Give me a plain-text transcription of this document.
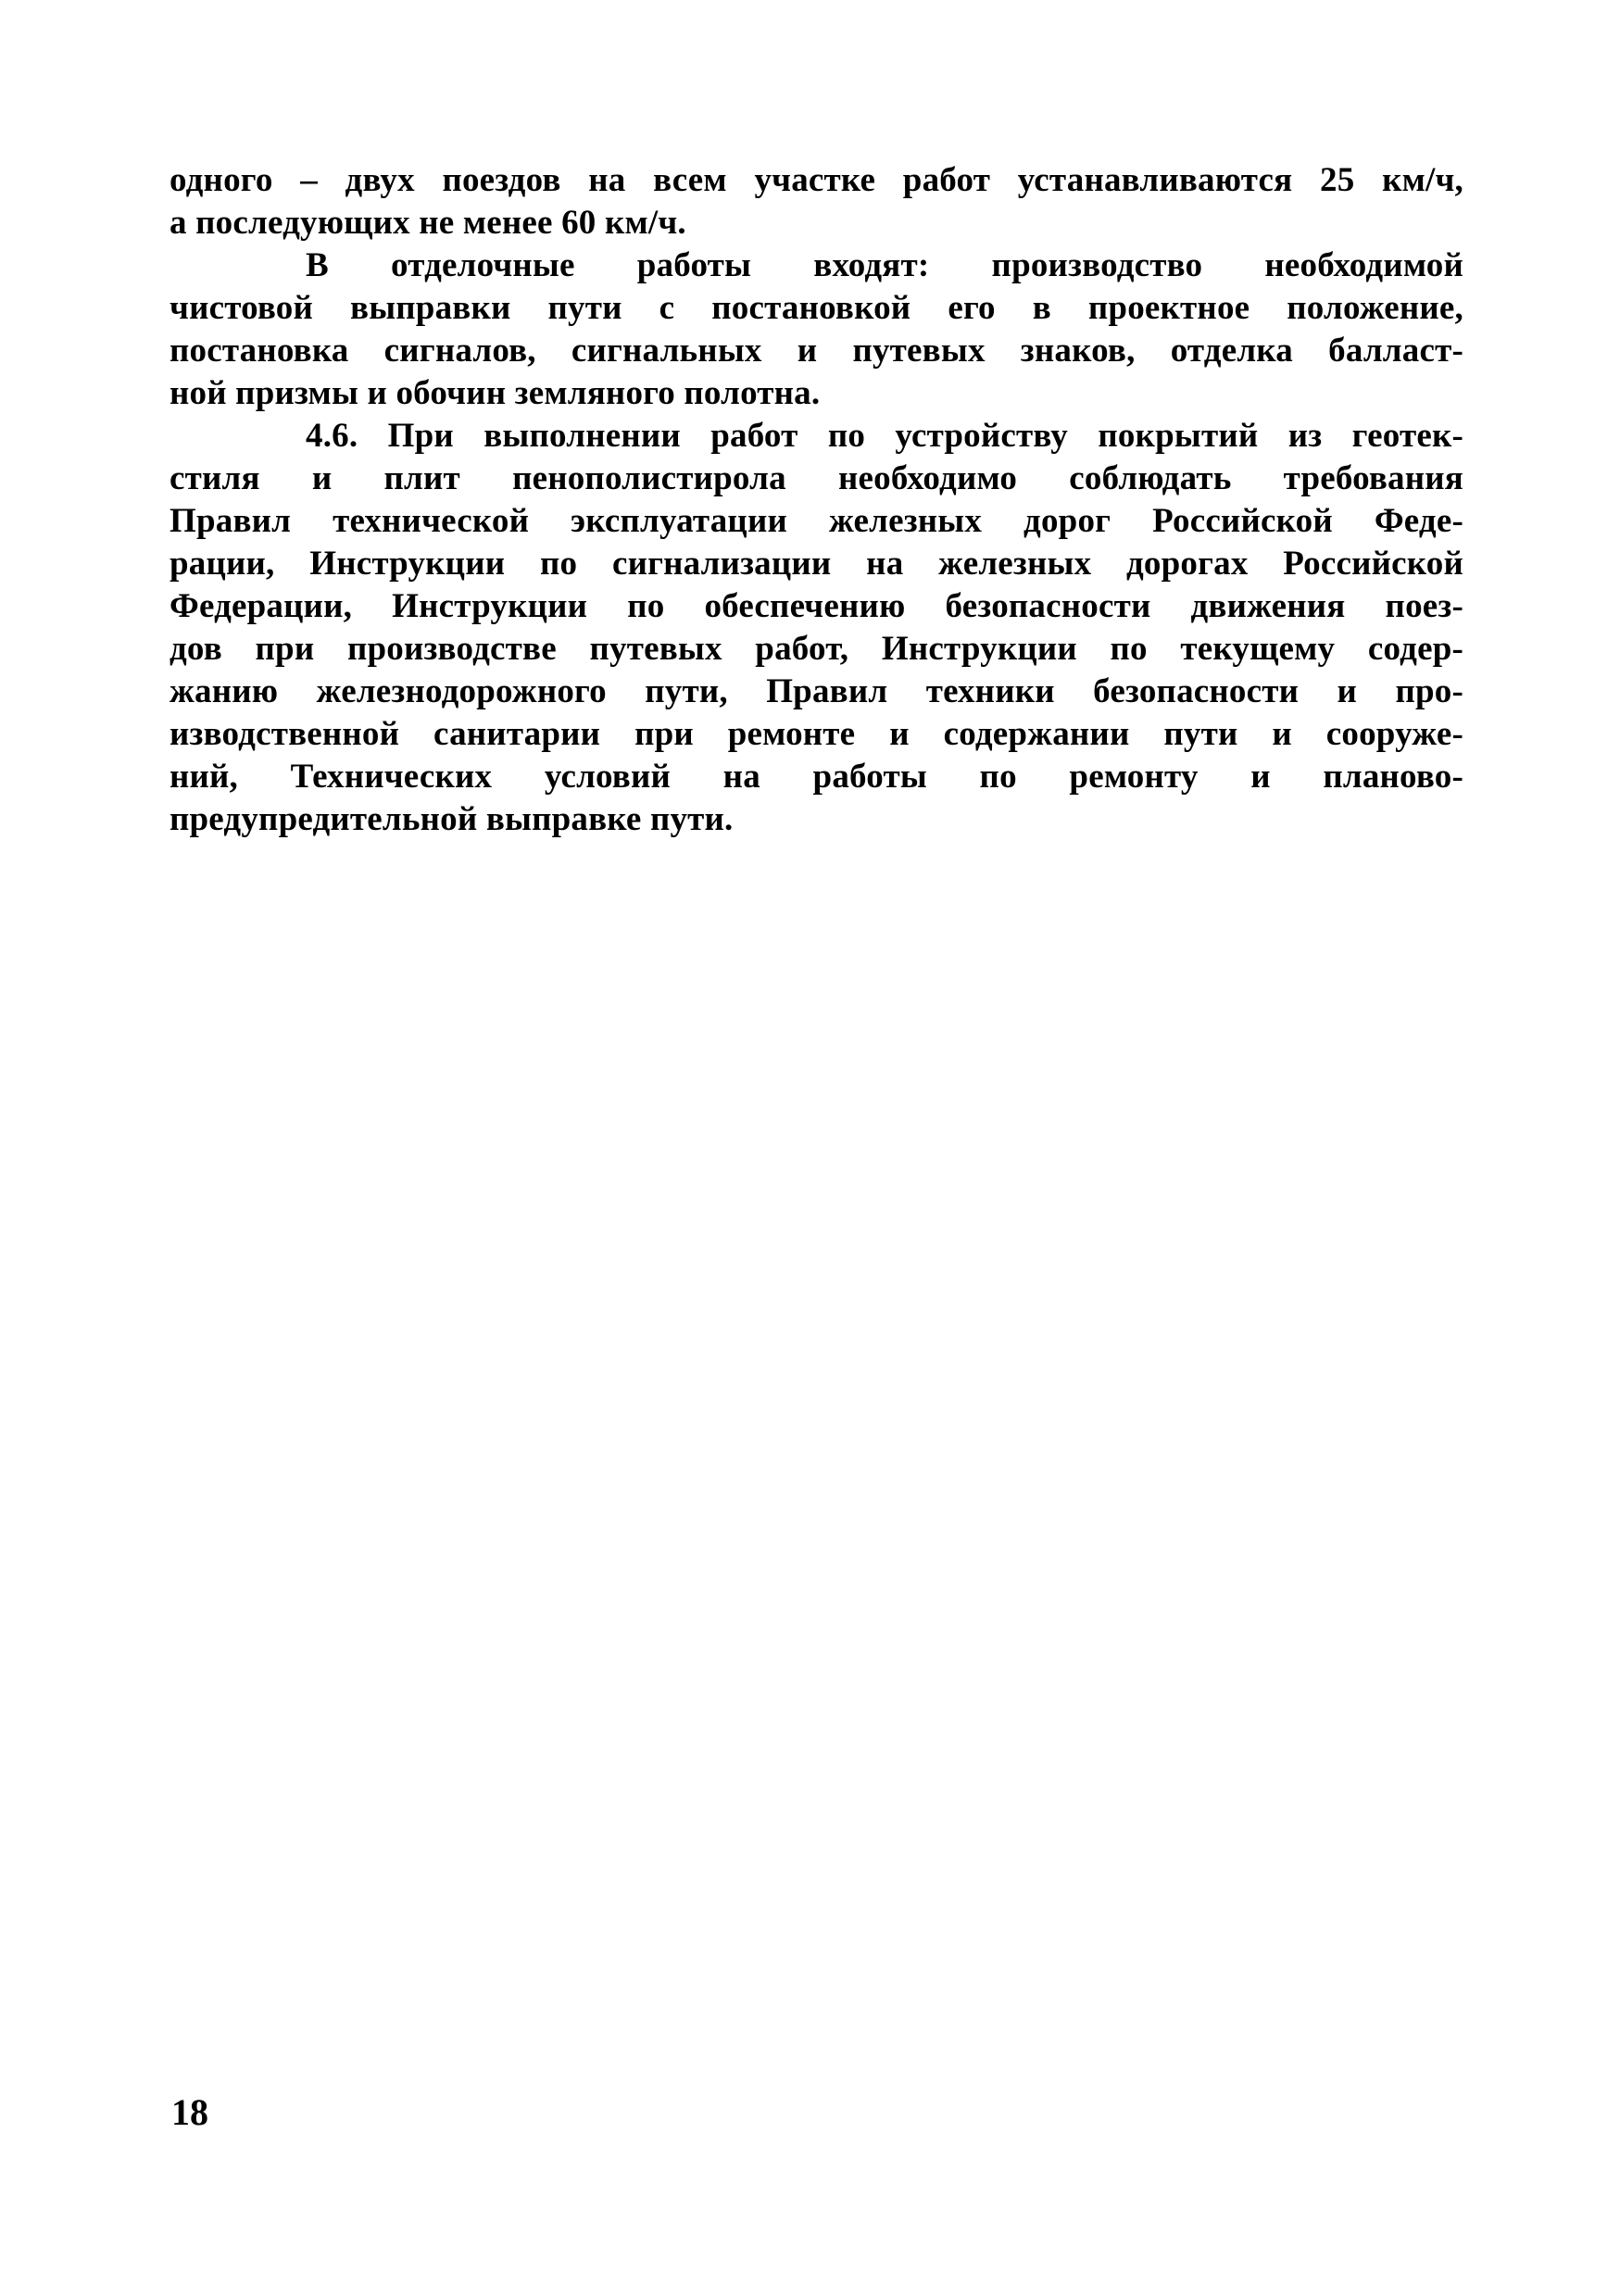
одного – двух поездов на всем участке работ устанавливаются 25 км/ч,
а последующих не менее 60 км/ч.
В отделочные работы входят: производство необходимой
чистовой выправки пути с постановкой его в проектное положение,
постановка сигналов, сигнальных и путевых знаков, отделка балласт-
ной призмы и обочин земляного полотна.
4.6. При выполнении работ по устройству покрытий из геотек-
стиля и плит пенополистирола необходимо соблюдать требования
Правил технической эксплуатации железных дорог Российской Феде-
рации, Инструкции по сигнализации на железных дорогах Российской
Федерации, Инструкции по обеспечению безопасности движения поез-
дов при производстве путевых работ, Инструкции по текущему содер-
жанию железнодорожного пути, Правил техники безопасности и про-
изводственной санитарии при ремонте и содержании пути и сооруже-
ний, Технических условий на работы по ремонту и планово-
предупредительной выправке пути.
18
